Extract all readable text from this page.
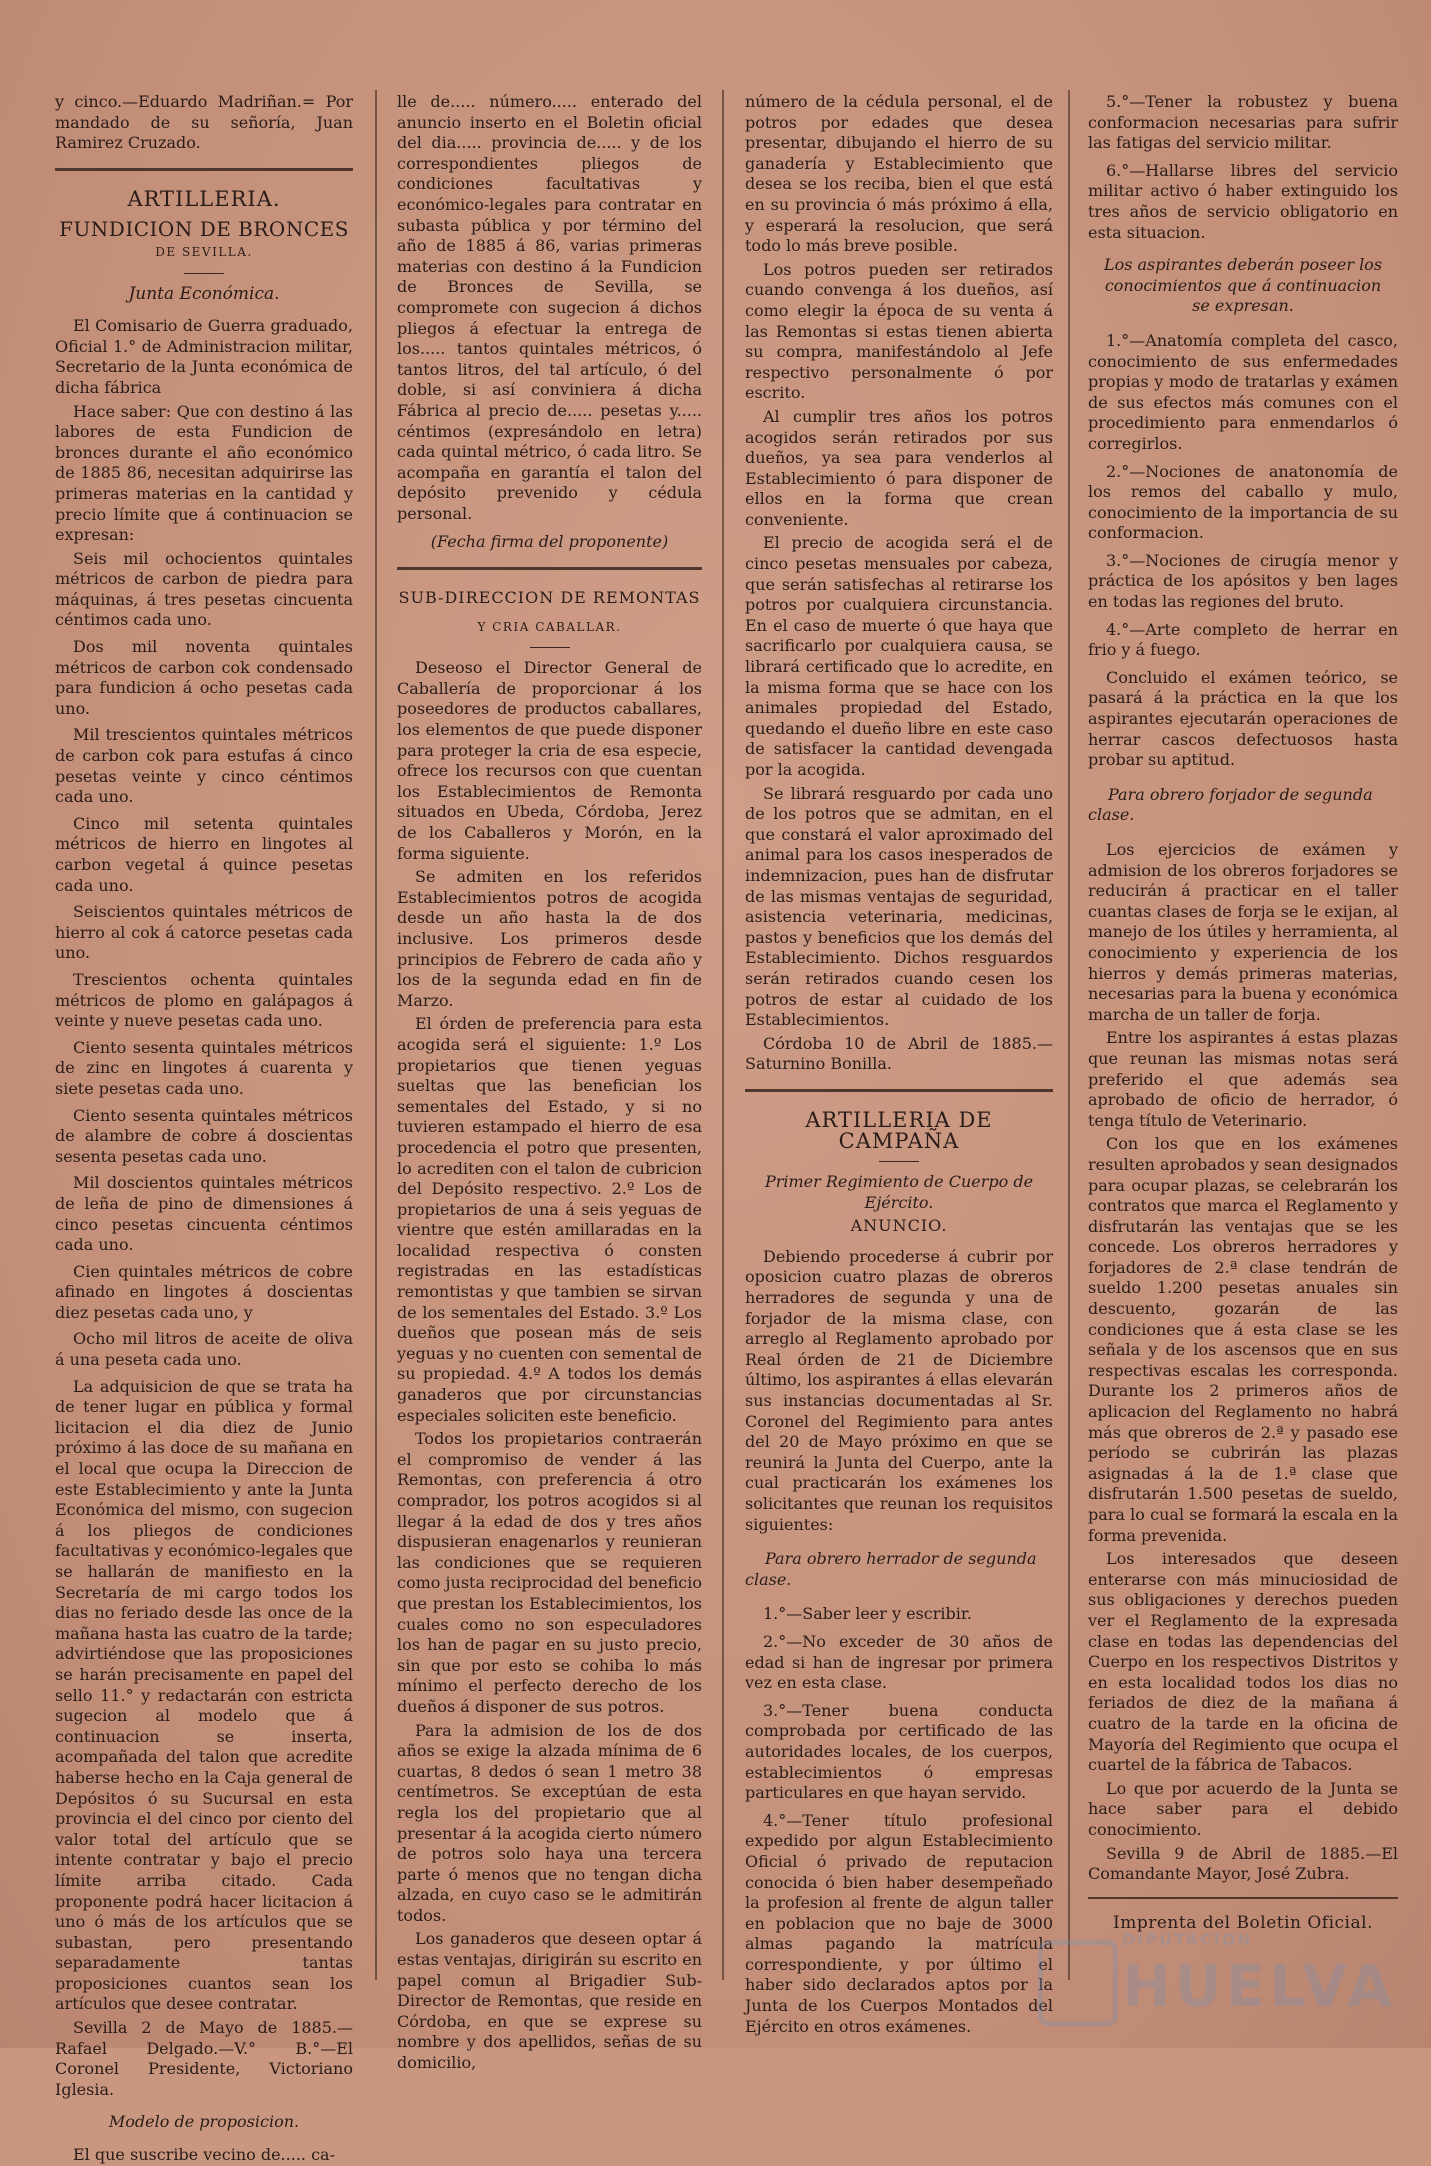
y cinco.—Eduardo Madriñan.= Por mandado de su señoría, Juan Ramirez Cruzado.

ARTILLERIA.
FUNDICION DE BRONCES
DE SEVILLA.

Junta Económica.

El Comisario de Guerra graduado, Oficial 1.° de Administracion militar, Secretario de la Junta económica de dicha fábrica

Hace saber: Que con destino á las labores de esta Fundicion de bronces durante el año económico de 1885 86, necesitan adquirirse las primeras materias en la cantidad y precio límite que á continuacion se expresan:

Seis mil ochocientos quintales métricos de carbon de piedra para máquinas, á tres pesetas cincuenta céntimos cada uno.

Dos mil noventa quintales métricos de carbon cok condensado para fundicion á ocho pesetas cada uno.

Mil trescientos quintales métricos de carbon cok para estufas á cinco pesetas veinte y cinco céntimos cada uno.

Cinco mil setenta quintales métricos de hierro en lingotes al carbon vegetal á quince pesetas cada uno.

Seiscientos quintales métricos de hierro al cok á catorce pesetas cada uno.

Trescientos ochenta quintales métricos de plomo en galápagos á veinte y nueve pesetas cada uno.

Ciento sesenta quintales métricos de zinc en lingotes á cuarenta y siete pesetas cada uno.

Ciento sesenta quintales métricos de alambre de cobre á doscientas sesenta pesetas cada uno.

Mil doscientos quintales métricos de leña de pino de dimensiones á cinco pesetas cincuenta céntimos cada uno.

Cien quintales métricos de cobre afinado en lingotes á doscientas diez pesetas cada uno, y

Ocho mil litros de aceite de oliva á una peseta cada uno.

La adquisicion de que se trata ha de tener lugar en pública y formal licitacion el dia diez de Junio próximo á las doce de su mañana en el local que ocupa la Direccion de este Establecimiento y ante la Junta Económica del mismo, con sugecion á los pliegos de condiciones facultativas y económico-legales que se hallarán de manifiesto en la Secretaría de mi cargo todos los dias no feriado desde las once de la mañana hasta las cuatro de la tarde; advirtiéndose que las proposiciones se harán precisamente en papel del sello 11.° y redactarán con estricta sugecion al modelo que á continuacion se inserta, acompañada del talon que acredite haberse hecho en la Caja general de Depósitos ó su Sucursal en esta provincia el del cinco por ciento del valor total del artículo que se intente contratar y bajo el precio límite arriba citado. Cada proponente podrá hacer licitacion á uno ó más de los artículos que se subastan, pero presentando separadamente tantas proposiciones cuantos sean los artículos que desee contratar.

Sevilla 2 de Mayo de 1885.—Rafael Delgado.—V.° B.°—El Coronel Presidente, Victoriano Iglesia.

Modelo de proposicion.

El que suscribe vecino de..... ca-

lle de..... número..... enterado del anuncio inserto en el Boletin oficial del dia..... provincia de..... y de los correspondientes pliegos de condiciones facultativas y económico-legales para contratar en subasta pública y por término del año de 1885 á 86, varias primeras materias con destino á la Fundicion de Bronces de Sevilla, se compromete con sugecion á dichos pliegos á efectuar la entrega de los..... tantos quintales métricos, ó tantos litros, del tal artículo, ó del doble, si así conviniera á dicha Fábrica al precio de..... pesetas y..... céntimos (expresándolo en letra) cada quintal métrico, ó cada litro. Se acompaña en garantía el talon del depósito prevenido y cédula personal.

(Fecha firma del proponente)

SUB-DIRECCION DE REMONTAS
Y CRIA CABALLAR.

Deseoso el Director General de Caballería de proporcionar á los poseedores de productos caballares, los elementos de que puede disponer para proteger la cria de esa especie, ofrece los recursos con que cuentan los Establecimientos de Remonta situados en Ubeda, Córdoba, Jerez de los Caballeros y Morón, en la forma siguiente.

Se admiten en los referidos Establecimientos potros de acogida desde un año hasta la de dos inclusive. Los primeros desde principios de Febrero de cada año y los de la segunda edad en fin de Marzo.

El órden de preferencia para esta acogida será el siguiente: 1.º Los propietarios que tienen yeguas sueltas que las benefician los sementales del Estado, y si no tuvieren estampado el hierro de esa procedencia el potro que presenten, lo acrediten con el talon de cubricion del Depósito respectivo. 2.º Los de propietarios de una á seis yeguas de vientre que estén amillaradas en la localidad respectiva ó consten registradas en las estadísticas remontistas y que tambien se sirvan de los sementales del Estado. 3.º Los dueños que posean más de seis yeguas y no cuenten con semental de su propiedad. 4.º A todos los demás ganaderos que por circunstancias especiales soliciten este beneficio.

Todos los propietarios contraerán el compromiso de vender á las Remontas, con preferencia á otro comprador, los potros acogidos si al llegar á la edad de dos y tres años dispusieran enagenarlos y reunieran las condiciones que se requieren como justa reciprocidad del beneficio que prestan los Establecimientos, los cuales como no son especuladores los han de pagar en su justo precio, sin que por esto se cohiba lo más mínimo el perfecto derecho de los dueños á disponer de sus potros.

Para la admision de los de dos años se exige la alzada mínima de 6 cuartas, 8 dedos ó sean 1 metro 38 centímetros. Se exceptúan de esta regla los del propietario que al presentar á la acogida cierto número de potros solo haya una tercera parte ó menos que no tengan dicha alzada, en cuyo caso se le admitirán todos.

Los ganaderos que deseen optar á estas ventajas, dirigirán su escrito en papel comun al Brigadier Sub-Director de Remontas, que reside en Córdoba, en que se exprese su nombre y dos apellidos, señas de su domicilio,

número de la cédula personal, el de potros por edades que desea presentar, dibujando el hierro de su ganadería y Establecimiento que desea se los reciba, bien el que está en su provincia ó más próximo á ella, y esperará la resolucion, que será todo lo más breve posible.

Los potros pueden ser retirados cuando convenga á los dueños, así como elegir la época de su venta á las Remontas si estas tienen abierta su compra, manifestándolo al Jefe respectivo personalmente ó por escrito.

Al cumplir tres años los potros acogidos serán retirados por sus dueños, ya sea para venderlos al Establecimiento ó para disponer de ellos en la forma que crean conveniente.

El precio de acogida será el de cinco pesetas mensuales por cabeza, que serán satisfechas al retirarse los potros por cualquiera circunstancia. En el caso de muerte ó que haya que sacrificarlo por cualquiera causa, se librará certificado que lo acredite, en la misma forma que se hace con los animales propiedad del Estado, quedando el dueño libre en este caso de satisfacer la cantidad devengada por la acogida.

Se librará resguardo por cada uno de los potros que se admitan, en el que constará el valor aproximado del animal para los casos inesperados de indemnizacion, pues han de disfrutar de las mismas ventajas de seguridad, asistencia veterinaria, medicinas, pastos y beneficios que los demás del Establecimiento. Dichos resguardos serán retirados cuando cesen los potros de estar al cuidado de los Establecimientos.

Córdoba 10 de Abril de 1885.—Saturnino Bonilla.

ARTILLERIA DE CAMPAÑA

Primer Regimiento de Cuerpo de Ejército.

ANUNCIO.

Debiendo procederse á cubrir por oposicion cuatro plazas de obreros herradores de segunda y una de forjador de la misma clase, con arreglo al Reglamento aprobado por Real órden de 21 de Diciembre último, los aspirantes á ellas elevarán sus instancias documentadas al Sr. Coronel del Regimiento para antes del 20 de Mayo próximo en que se reunirá la Junta del Cuerpo, ante la cual practicarán los exámenes los solicitantes que reunan los requisitos siguientes:

Para obrero herrador de segunda clase.

1.°—Saber leer y escribir.

2.°—No exceder de 30 años de edad si han de ingresar por primera vez en esta clase.

3.°—Tener buena conducta comprobada por certificado de las autoridades locales, de los cuerpos, establecimientos ó empresas particulares en que hayan servido.

4.°—Tener título profesional expedido por algun Establecimiento Oficial ó privado de reputacion conocida ó bien haber desempeñado la profesion al frente de algun taller en poblacion que no baje de 3000 almas pagando la matrícula correspondiente, y por último el haber sido declarados aptos por la Junta de los Cuerpos Montados del Ejército en otros exámenes.

5.°—Tener la robustez y buena conformacion necesarias para sufrir las fatigas del servicio militar.

6.°—Hallarse libres del servicio militar activo ó haber extinguido los tres años de servicio obligatorio en esta situacion.

Los aspirantes deberán poseer los conocimientos que á continuacion se expresan.

1.°—Anatomía completa del casco, conocimiento de sus enfermedades propias y modo de tratarlas y exámen de sus efectos más comunes con el procedimiento para enmendarlos ó corregirlos.

2.°—Nociones de anatonomía de los remos del caballo y mulo, conocimiento de la importancia de su conformacion.

3.°—Nociones de cirugía menor y práctica de los apósitos y ben lages en todas las regiones del bruto.

4.°—Arte completo de herrar en frio y á fuego.

Concluido el exámen teórico, se pasará á la práctica en la que los aspirantes ejecutarán operaciones de herrar cascos defectuosos hasta probar su aptitud.

Para obrero forjador de segunda clase.

Los ejercicios de exámen y admision de los obreros forjadores se reducirán á practicar en el taller cuantas clases de forja se le exijan, al manejo de los útiles y herramienta, al conocimiento y experiencia de los hierros y demás primeras materias, necesarias para la buena y económica marcha de un taller de forja.

Entre los aspirantes á estas plazas que reunan las mismas notas será preferido el que además sea aprobado de oficio de herrador, ó tenga título de Veterinario.

Con los que en los exámenes resulten aprobados y sean designados para ocupar plazas, se celebrarán los contratos que marca el Reglamento y disfrutarán las ventajas que se les concede. Los obreros herradores y forjadores de 2.ª clase tendrán de sueldo 1.200 pesetas anuales sin descuento, gozarán de las condiciones que á esta clase se les señala y de los ascensos que en sus respectivas escalas les corresponda. Durante los 2 primeros años de aplicacion del Reglamento no habrá más que obreros de 2.ª y pasado ese período se cubrirán las plazas asignadas á la de 1.ª clase que disfrutarán 1.500 pesetas de sueldo, para lo cual se formará la escala en la forma prevenida.

Los interesados que deseen enterarse con más minuciosidad de sus obligaciones y derechos pueden ver el Reglamento de la expresada clase en todas las dependencias del Cuerpo en los respectivos Distritos y en esta localidad todos los dias no feriados de diez de la mañana á cuatro de la tarde en la oficina de Mayoría del Regimiento que ocupa el cuartel de la fábrica de Tabacos.

Lo que por acuerdo de la Junta se hace saber para el debido conocimiento.

Sevilla 9 de Abril de 1885.—El Comandante Mayor, José Zubra.

Imprenta del Boletin Oficial.

DIPUTACIÓN
HUELVA
